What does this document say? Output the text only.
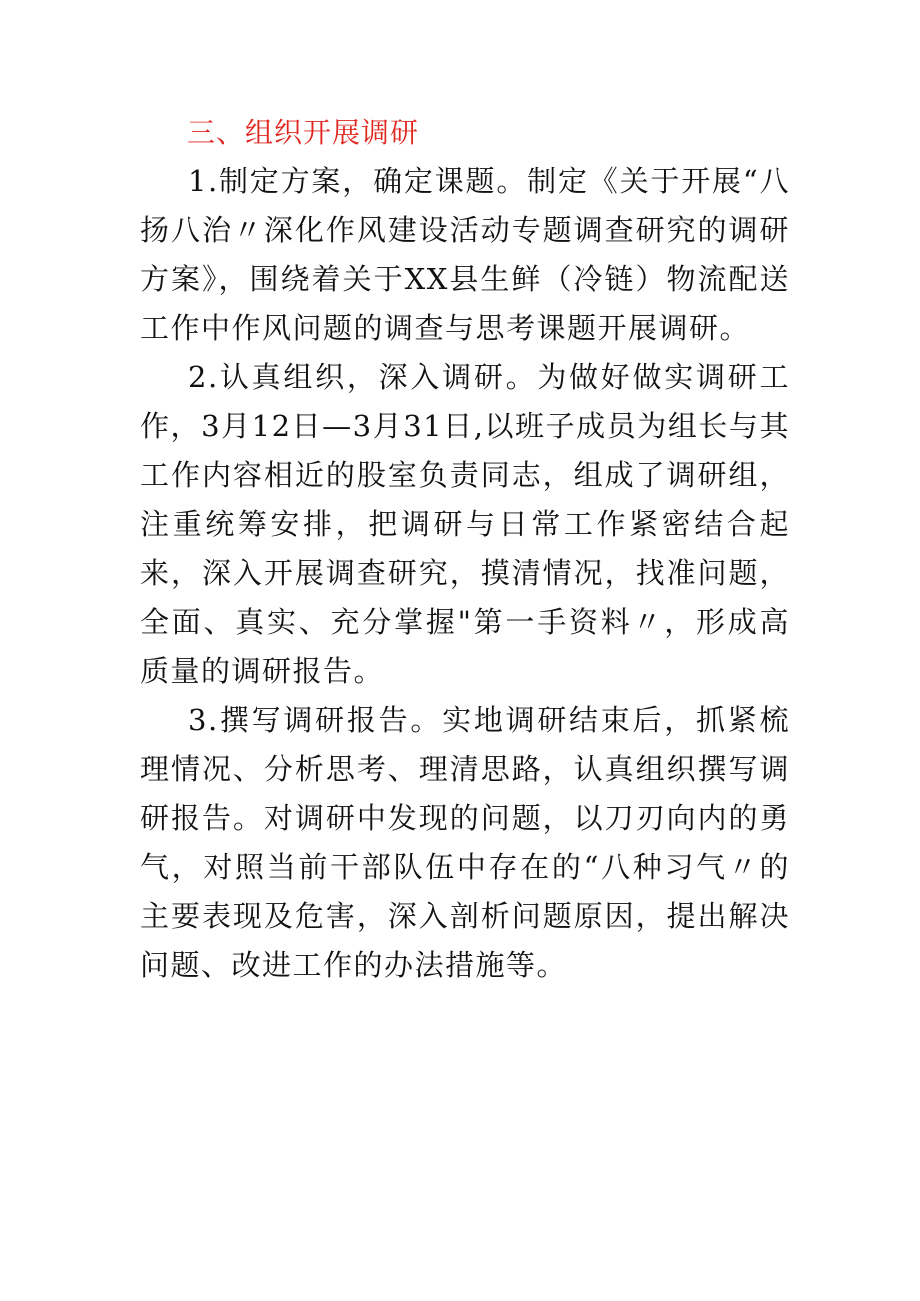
三、组织开展调研

1.制定方案，确定课题。制定《关于开展“八扬八治〃深化作风建设活动专题调查研究的调研方案》，围绕着关于XX县生鲜（冷链）物流配送工作中作风问题的调查与思考课题开展调研。

2.认真组织，深入调研。为做好做实调研工作，3月12日—3月31日,以班子成员为组长与其工作内容相近的股室负责同志，组成了调研组，注重统筹安排，把调研与日常工作紧密结合起来，深入开展调查研究，摸清情况，找准问题，全面、真实、充分掌握"第一手资料〃，形成高质量的调研报告。

3.撰写调研报告。实地调研结束后，抓紧梳理情况、分析思考、理清思路，认真组织撰写调研报告。对调研中发现的问题，以刀刃向内的勇气，对照当前干部队伍中存在的“八种习气〃的主要表现及危害，深入剖析问题原因，提出解决问题、改进工作的办法措施等。
